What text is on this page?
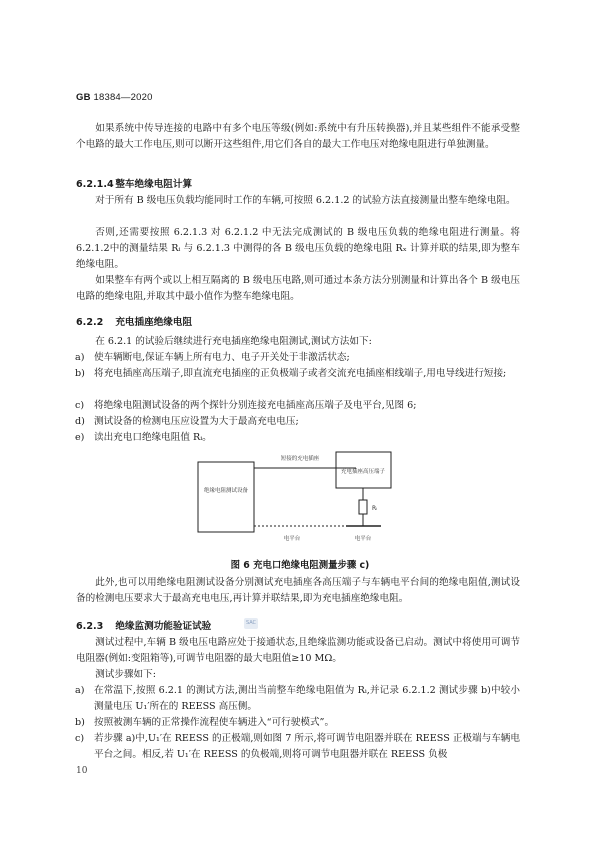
GB 18384—2020
如果系统中传导连接的电路中有多个电压等级(例如:系统中有升压转换器),并且某些组件不能承受整个电路的最大工作电压,则可以断开这些组件,用它们各自的最大工作电压对绝缘电阻进行单独测量。
6.2.1.4 整车绝缘电阻计算
对于所有 B 级电压负载均能同时工作的车辆,可按照 6.2.1.2 的试验方法直接测量出整车绝缘电阻。
否则,还需要按照 6.2.1.3 对 6.2.1.2 中无法完成测试的 B 级电压负载的绝缘电阻进行测量。将 6.2.1.2中的测量结果 Rᵢ 与 6.2.1.3 中测得的各 B 级电压负载的绝缘电阻 Rₓ 计算并联的结果,即为整车绝缘电阻。
如果整车有两个或以上相互隔离的 B 级电压电路,则可通过本条方法分别测量和计算出各个 B 级电压电路的绝缘电阻,并取其中最小值作为整车绝缘电阻。
6.2.2 充电插座绝缘电阻
在 6.2.1 的试验后继续进行充电插座绝缘电阻测试,测试方法如下:
a) 使车辆断电,保证车辆上所有电力、电子开关处于非激活状态;
b) 将充电插座高压端子,即直流充电插座的正负极端子或者交流充电插座相线端子,用电导线进行短接;
c) 将绝缘电阻测试设备的两个探针分别连接充电插座高压端子及电平台,见图 6;
d) 测试设备的检测电压应设置为大于最高充电电压;
e) 读出充电口绝缘电阻值 Rᵢ。
绝缘电阻测试设备
短接的充电插座
充电插座高压端子
Rᵢ
电平台	电平台
图 6 充电口绝缘电阻测量步骤 c)
此外,也可以用绝缘电阻测试设备分别测试充电插座各高压端子与车辆电平台间的绝缘电阻值,测试设备的检测电压要求大于最高充电电压,再计算并联结果,即为充电插座绝缘电阻。
6.2.3 绝缘监测功能验证试验	SAC
测试过程中,车辆 B 级电压电路应处于接通状态,且绝缘监测功能或设备已启动。测试中将使用可调节电阻器(例如:变阻箱等),可调节电阻器的最大电阻值≥10 MΩ。
测试步骤如下:
a) 在常温下,按照 6.2.1 的测试方法,测出当前整车绝缘电阻值为 Rᵢ,并记录 6.2.1.2 测试步骤 b)中较小测量电压 U₁′所在的 REESS 高压侧。
b) 按照被测车辆的正常操作流程使车辆进入“可行驶模式”。
c) 若步骤 a)中,U₁′在 REESS 的正极端,则如图 7 所示,将可调节电阻器并联在 REESS 正极端与车辆电平台之间。相反,若 U₁′在 REESS 的负极端,则将可调节电阻器并联在 REESS 负极
10
